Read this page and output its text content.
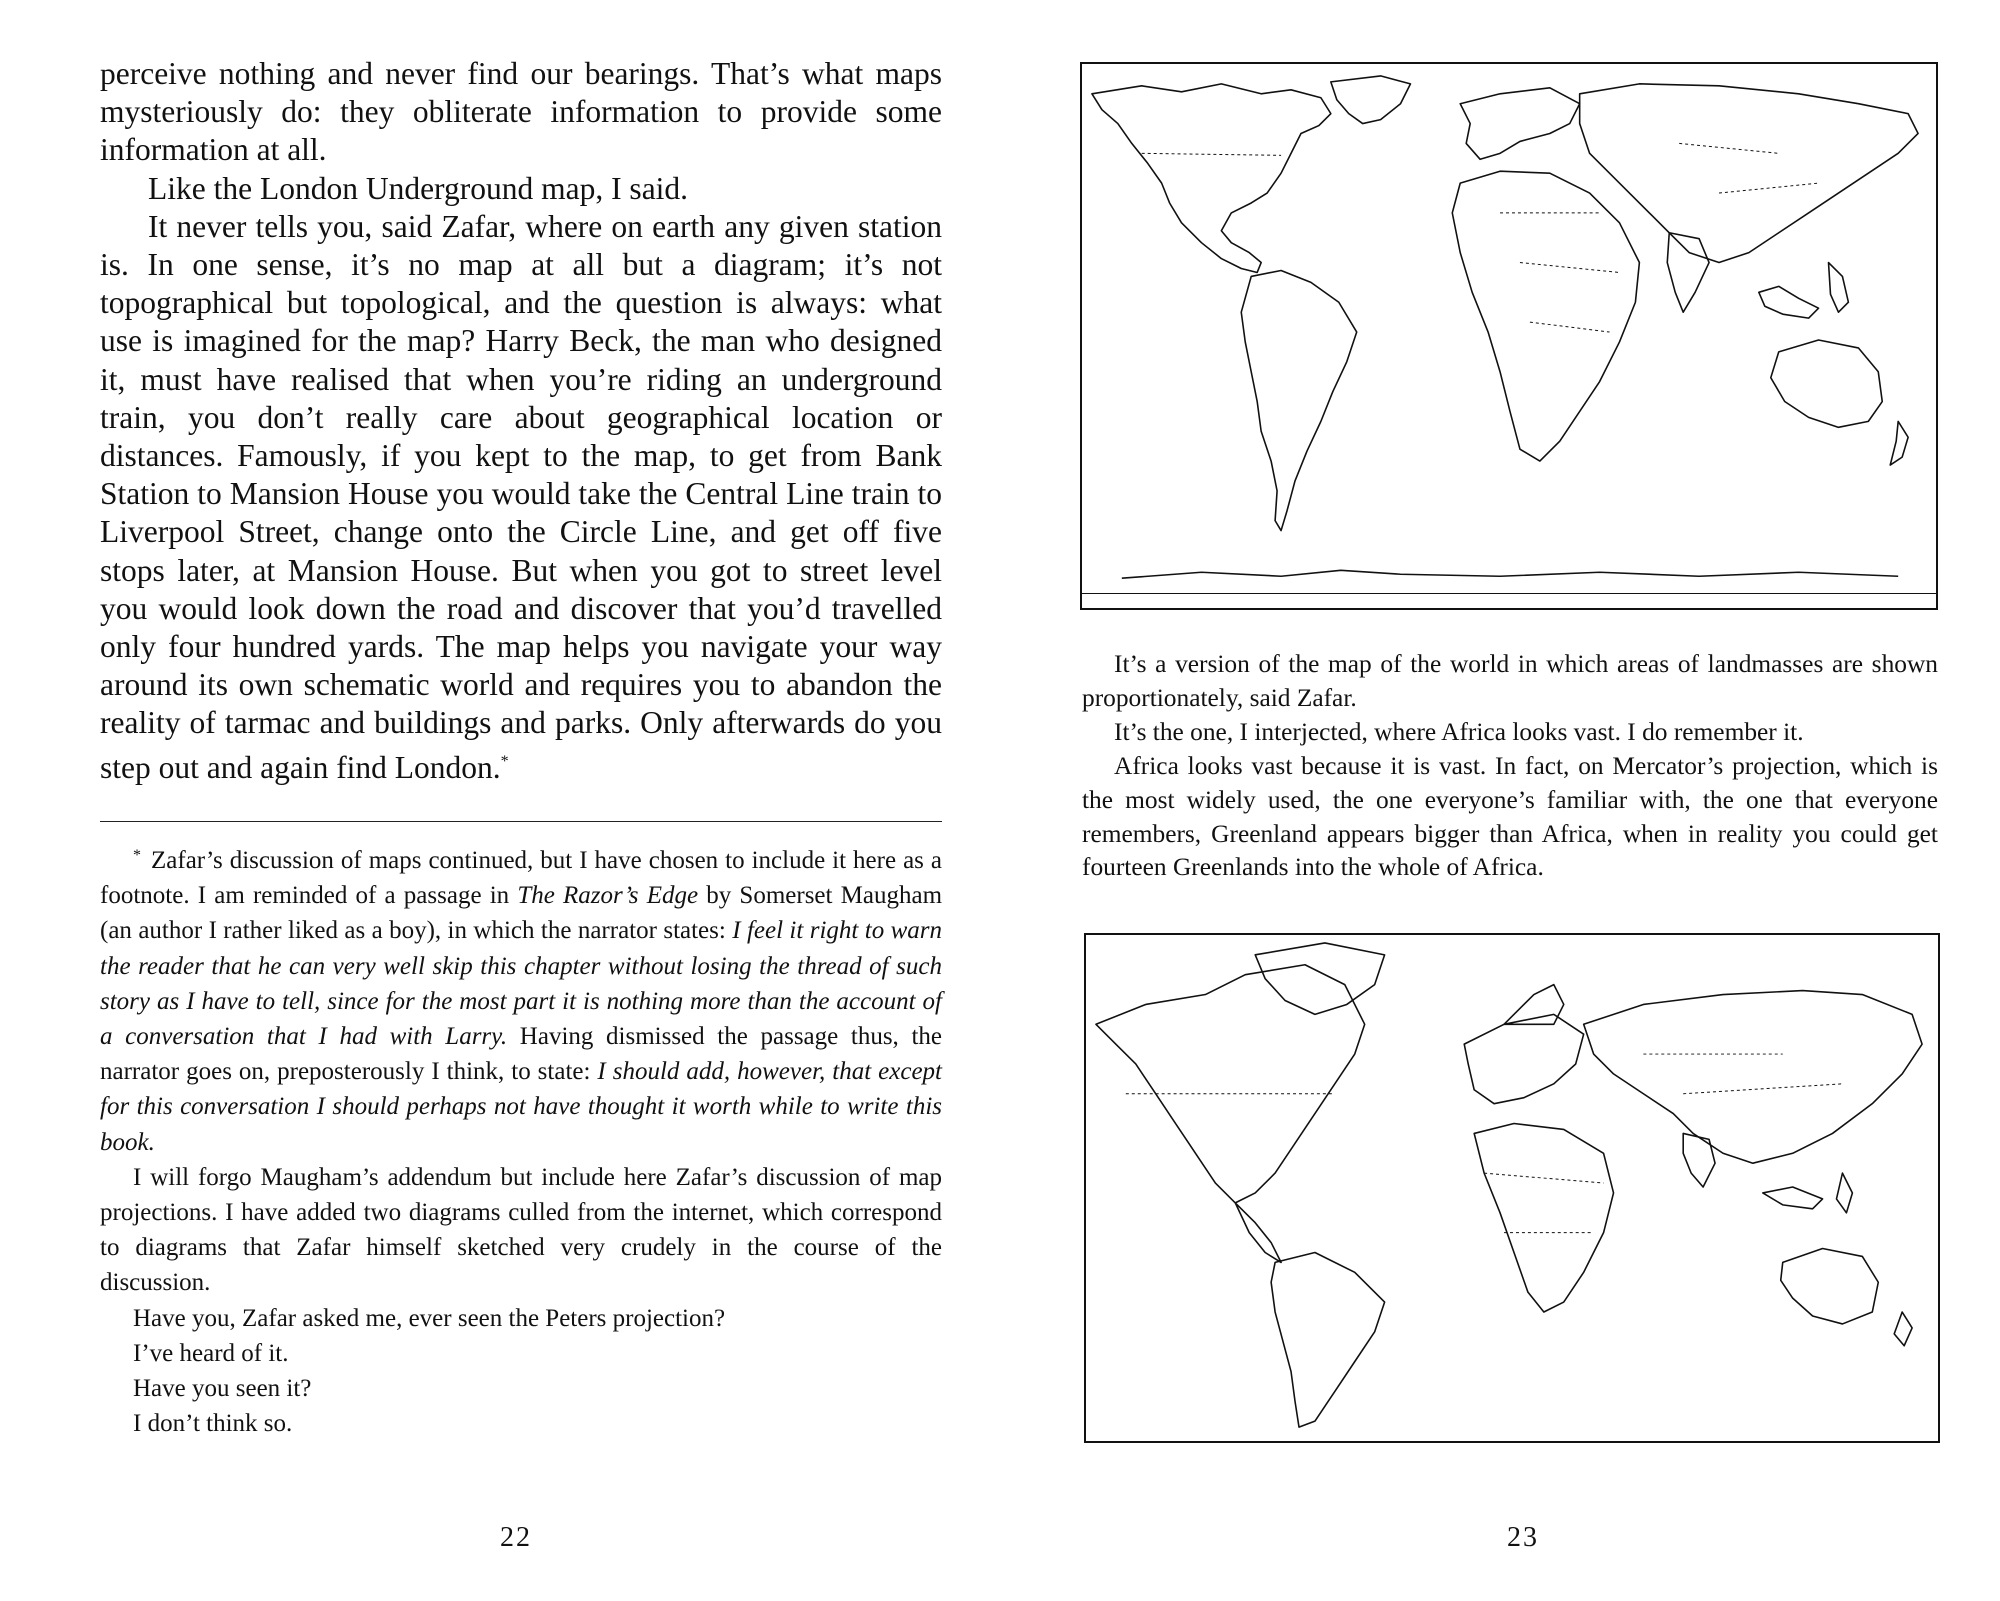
perceive nothing and never find our bearings. That’s what maps mysteriously do: they obliterate information to provide some information at all.

Like the London Underground map, I said.

It never tells you, said Zafar, where on earth any given station is. In one sense, it’s no map at all but a diagram; it’s not topographical but topological, and the question is always: what use is imagined for the map? Harry Beck, the man who designed it, must have realised that when you’re riding an underground train, you don’t really care about geographical location or distances. Famously, if you kept to the map, to get from Bank Station to Mansion House you would take the Central Line train to Liverpool Street, change onto the Circle Line, and get off five stops later, at Mansion House. But when you got to street level you would look down the road and discover that you’d travelled only four hundred yards. The map helps you navigate your way around its own schematic world and requires you to abandon the reality of tarmac and buildings and parks. Only afterwards do you step out and again find London.*

* Zafar’s discussion of maps continued, but I have chosen to include it here as a footnote. I am reminded of a passage in The Razor’s Edge by Somerset Maugham (an author I rather liked as a boy), in which the narrator states: I feel it right to warn the reader that he can very well skip this chapter without losing the thread of such story as I have to tell, since for the most part it is nothing more than the account of a conversation that I had with Larry. Having dismissed the passage thus, the narrator goes on, preposterously I think, to state: I should add, however, that except for this conversation I should perhaps not have thought it worth while to write this book.

I will forgo Maugham’s addendum but include here Zafar’s discussion of map projections. I have added two diagrams culled from the internet, which correspond to diagrams that Zafar himself sketched very crudely in the course of the discussion.

Have you, Zafar asked me, ever seen the Peters projection?

I’ve heard of it.

Have you seen it?

I don’t think so.

22

It’s a version of the map of the world in which areas of landmasses are shown proportionately, said Zafar.

It’s the one, I interjected, where Africa looks vast. I do remember it.

Africa looks vast because it is vast. In fact, on Mercator’s projection, which is the most widely used, the one everyone’s familiar with, the one that everyone remembers, Greenland appears bigger than Africa, when in reality you could get fourteen Greenlands into the whole of Africa.

23
